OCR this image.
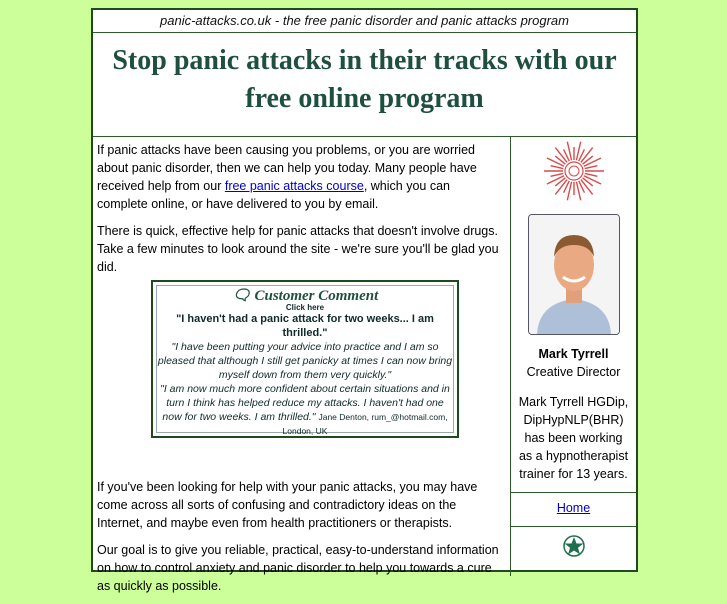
panic-attacks.co.uk - the free panic disorder and panic attacks program
Stop panic attacks in their tracks with our free online program

If panic attacks have been causing you problems, or you are worried about panic disorder, then we can help you today. Many people have received help from our free panic attacks course, which you can complete online, or have delivered to you by email.

There is quick, effective help for panic attacks that doesn't involve drugs. Take a few minutes to look around the site - we're sure you'll be glad you did.

If you've been looking for help with your panic attacks, you may have come across all sorts of confusing and contradictory ideas on the Internet, and maybe even from health practitioners or therapists.

Our goal is to give you reliable, practical, easy-to-understand information on how to control anxiety and panic disorder to help you towards a cure as quickly as possible.

🗨 Customer Comment
Click here
"I haven't had a panic attack for two weeks... I am thrilled."
"I have been putting your advice into practice and I am so pleased that although I still get panicky at times I can now bring myself down from them very quickly."
"I am now much more confident about certain situations and in turn I think has helped reduce my attacks. I haven't had one now for two weeks. I am thrilled." Jane Denton, rum_@hotmail.com, London, UK
Mark Tyrrell
Creative Director
Mark Tyrrell HGDip, DipHypNLP(BHR) has been working as a hypnotherapist trainer for 13 years.
Home
